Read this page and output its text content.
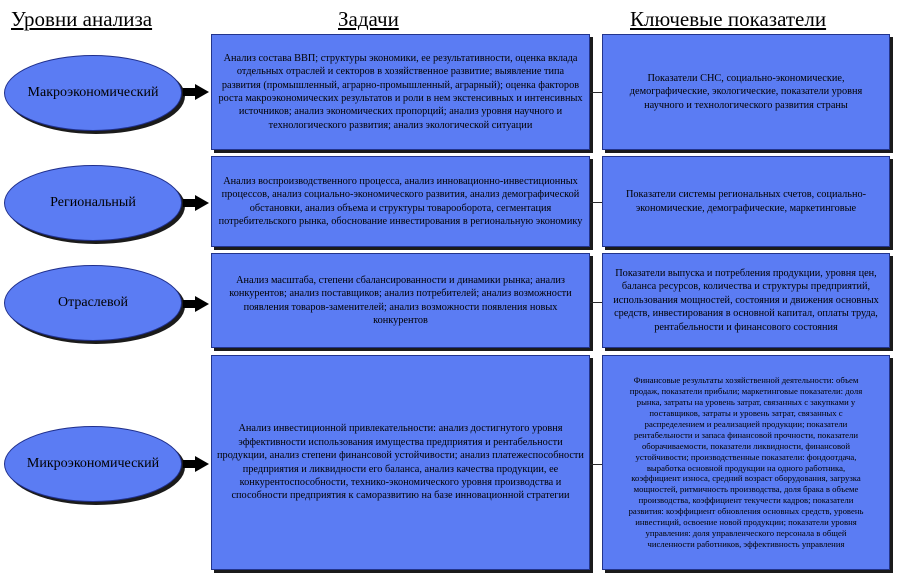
Уровни анализа	Задачи	Ключевые показатели
Макроэкономический
Анализ состава ВВП; структуры экономики, ее результативности, оценка вклада отдельных отраслей и секторов в хозяйственное развитие; выявление типа развития (промышленный, аграрно-промышленный, аграрный); оценка факторов роста макроэкономических результатов и роли в нем экстенсивных и интенсивных источников; анализ экономических пропорций; анализ уровня научного и технологического развития; анализ экологической ситуации
Показатели СНС, социально-экономические, демографические, экологические, показатели уровня научного и технологического развития страны
Региональный
Анализ воспроизводственного процесса, анализ инновационно-инвестиционных процессов, анализ социально-экономического развития, анализ демографической обстановки, анализ объема и структуры товарооборота, сегментация потребительского рынка, обоснование инвестирования в региональную экономику
Показатели системы региональных счетов, социально-экономические, демографические, маркетинговые
Отраслевой
Анализ масштаба, степени сбалансированности и динамики рынка; анализ конкурентов; анализ поставщиков; анализ потребителей; анализ возможности появления товаров-заменителей; анализ возможности появления новых конкурентов
Показатели выпуска и потребления продукции, уровня цен, баланса ресурсов, количества и структуры предприятий, использования мощностей, состояния и движения основных средств, инвестирования в основной капитал, оплаты труда, рентабельности и финансового состояния
Микроэкономический
Анализ инвестиционной привлекательности: анализ достигнутого уровня эффективности использования имущества предприятия и рентабельности продукции, анализ степени финансовой устойчивости; анализ платежеспособности предприятия и ликвидности его баланса, анализ качества продукции, ее конкурентоспособности, технико-экономического уровня производства и способности предприятия к саморазвитию на базе инновационной стратегии
Финансовые результаты хозяйственной деятельности: объем
продаж, показатели прибыли; маркетинговые показатели: доля
рынка, затраты на уровень затрат, связанных с закупками у
поставщиков, затраты и уровень затрат, связанных с
распределением и реализацией продукции; показатели
рентабельности и запаса финансовой прочности, показатели
оборачиваемости, показатели ликвидности, финансовой
устойчивости; производственные показатели: фондоотдача,
выработка основной продукции на одного работника,
коэффициент износа, средний возраст оборудования, загрузка
мощностей, ритмичность производства, доля брака в объеме
производства, коэффициент текучести кадров; показатели
развития: коэффициент обновления основных средств, уровень
инвестиций, освоение новой продукции; показатели уровня
управления: доля управленческого персонала в общей
численности работников, эффективность управления
